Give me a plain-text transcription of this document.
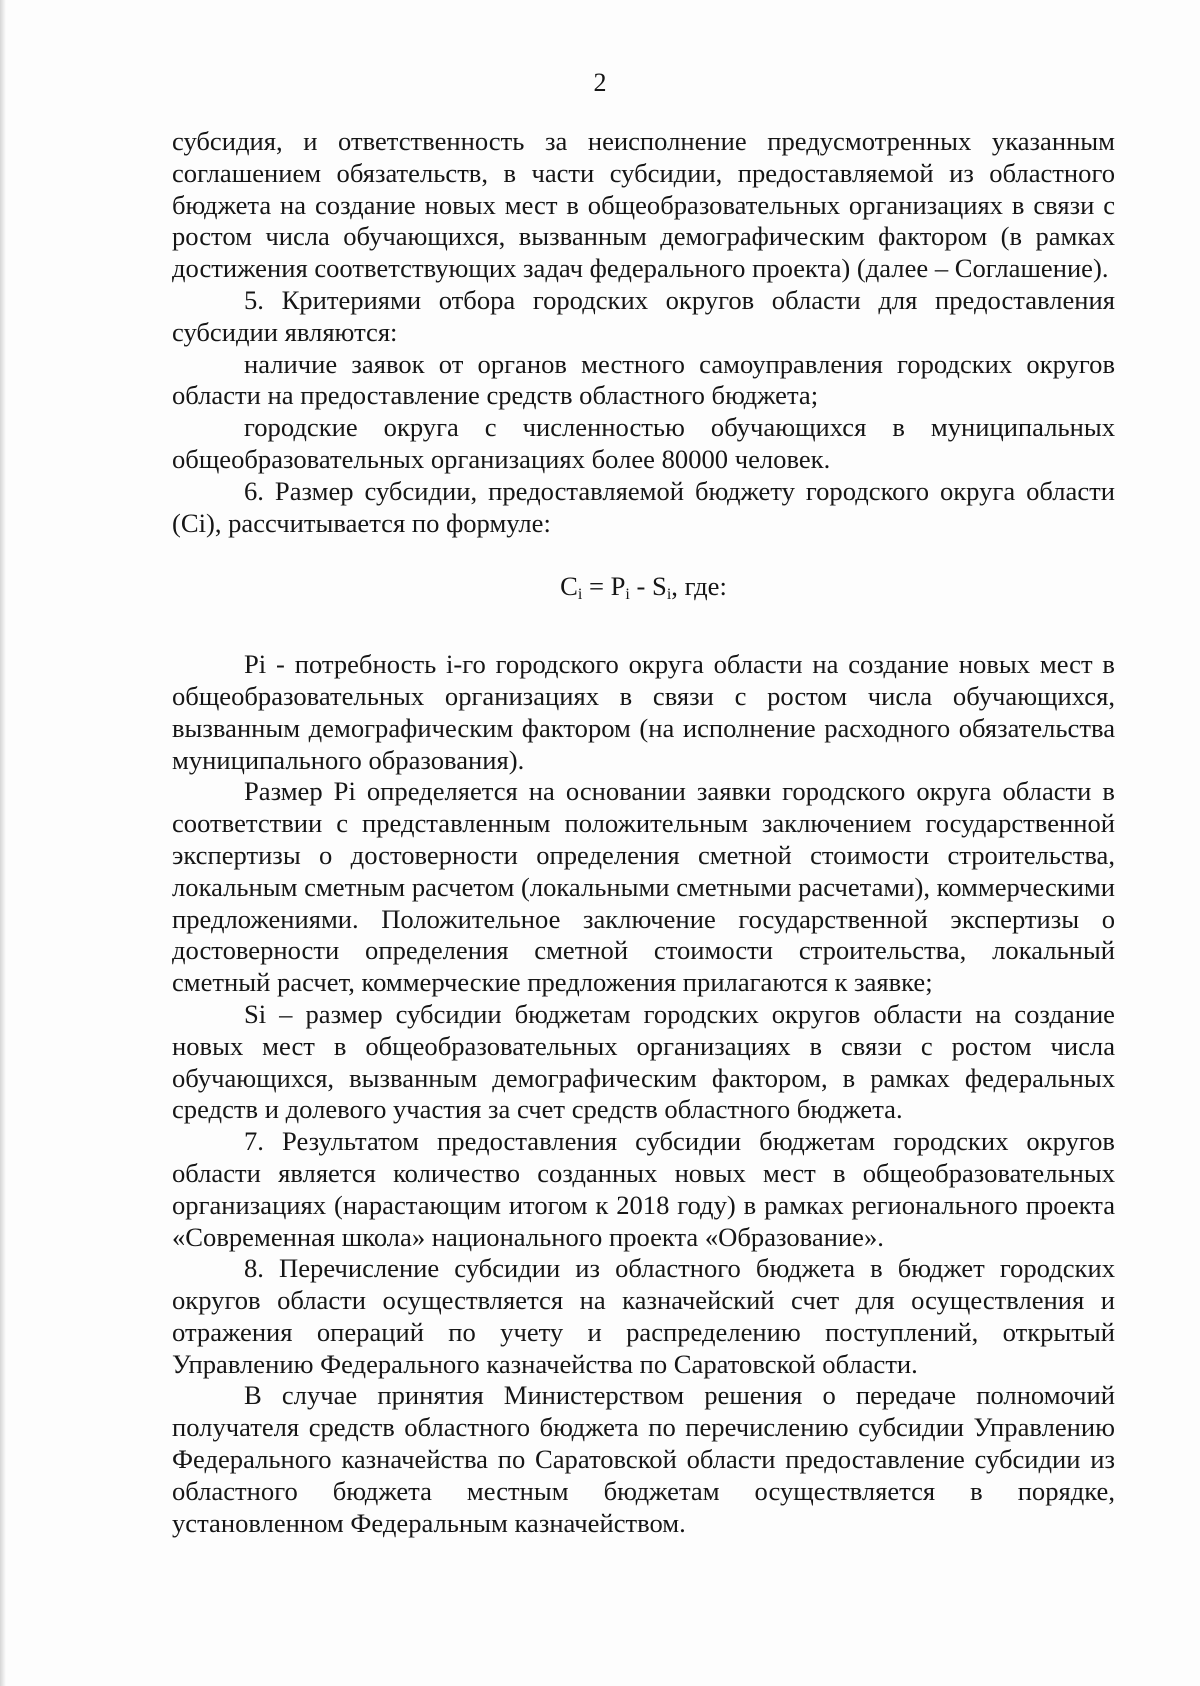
2

субсидия, и ответственность за неисполнение предусмотренных указанным соглашением обязательств, в части субсидии, предоставляемой из областного бюджета на создание новых мест в общеобразовательных организациях в связи с ростом числа обучающихся, вызванным демографическим фактором (в рамках достижения соответствующих задач федерального проекта) (далее – Соглашение).

5. Критериями отбора городских округов области для предоставления субсидии являются:

наличие заявок от органов местного самоуправления городских округов области на предоставление средств областного бюджета;

городские округа с численностью обучающихся в муниципальных общеобразовательных организациях более 80000 человек.

6. Размер субсидии, предоставляемой бюджету городского округа области (Ci), рассчитывается по формуле:

$C_i = P_i - S_i$, где:

Pi - потребность i-го городского округа области на создание новых мест в общеобразовательных организациях в связи с ростом числа обучающихся, вызванным демографическим фактором (на исполнение расходного обязательства муниципального образования).

Размер Pi определяется на основании заявки городского округа области в соответствии с представленным положительным заключением государственной экспертизы о достоверности определения сметной стоимости строительства, локальным сметным расчетом (локальными сметными расчетами), коммерческими предложениями. Положительное заключение государственной экспертизы о достоверности определения сметной стоимости строительства, локальный сметный расчет, коммерческие предложения прилагаются к заявке;

Si – размер субсидии бюджетам городских округов области на создание новых мест в общеобразовательных организациях в связи с ростом числа обучающихся, вызванным демографическим фактором, в рамках федеральных средств и долевого участия за счет средств областного бюджета.

7. Результатом предоставления субсидии бюджетам городских округов области является количество созданных новых мест в общеобразовательных организациях (нарастающим итогом к 2018 году) в рамках регионального проекта «Современная школа» национального проекта «Образование».

8. Перечисление субсидии из областного бюджета в бюджет городских округов области осуществляется на казначейский счет для осуществления и отражения операций по учету и распределению поступлений, открытый Управлению Федерального казначейства по Саратовской области.

В случае принятия Министерством решения о передаче полномочий получателя средств областного бюджета по перечислению субсидии Управлению Федерального казначейства по Саратовской области предоставление субсидии из областного бюджета местным бюджетам осуществляется в порядке, установленном Федеральным казначейством.
